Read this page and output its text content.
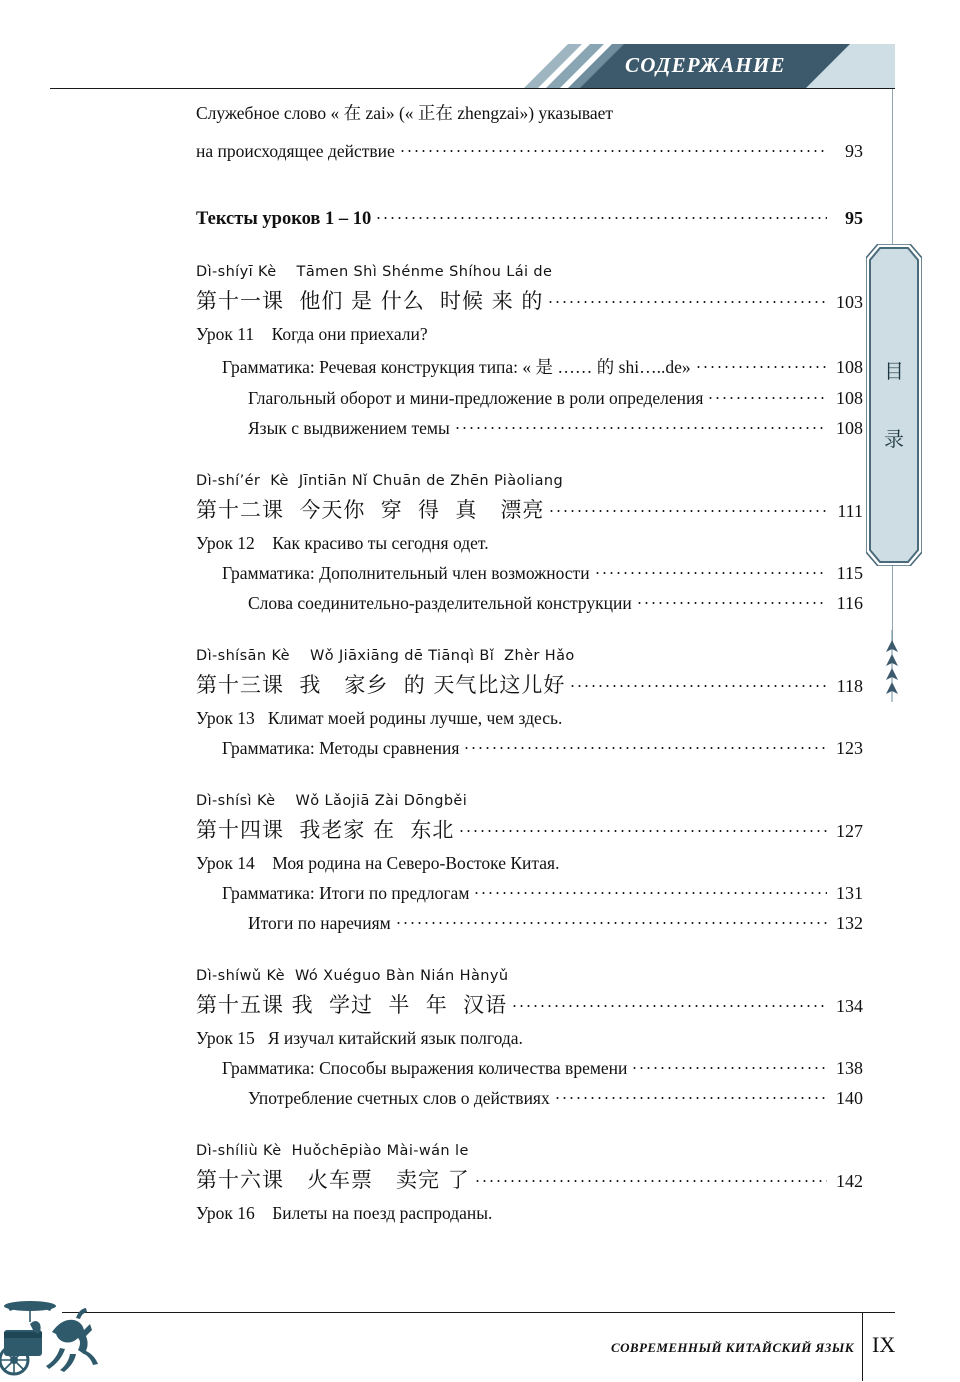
СОДЕРЖАНИЕ
目
录
Служебное слово « 在 zai» (« 正在 zhengzai») указывает
на происходящее действие	93
Тексты уроков 1 – 10	95
Dì-shíyī Kè    Tāmen Shì Shénme Shíhou Lái de
第十一课  他们 是 什么  时候 来 的	103
Урок 11    Когда они приехали?
Грамматика: Речевая конструкция типа: « 是 …… 的 shi…..de»	108
Глагольный оборот и мини-предложение в роли определения	108
Язык с выдвижением темы	108
Dì-shí’ér  Kè  Jīntiān Nǐ Chuān de Zhēn Piàoliang
第十二课  今天你  穿  得  真   漂亮	111
Урок 12    Как красиво ты сегодня одет.
Грамматика: Дополнительный член возможности	115
Слова соединительно-разделительной конструкции	116
Dì-shísān Kè    Wǒ Jiāxiāng dē Tiānqì Bǐ  Zhèr Hǎo
第十三课  我   家乡  的 天气比这儿好	118
Урок 13   Климат моей родины лучше, чем здесь.
Грамматика: Методы сравнения	123
Dì-shísì Kè    Wǒ Lǎojiā Zài Dōngběi
第十四课  我老家 在  东北	127
Урок 14    Моя родина на Северо-Востоке Китая.
Грамматика: Итоги по предлогам	131
Итоги по наречиям	132
Dì-shíwǔ Kè  Wó Xuéguo Bàn Nián Hànyǔ
第十五课 我  学过  半  年  汉语	134
Урок 15   Я изучал китайский язык полгода.
Грамматика: Способы выражения количества времени	138
Употребление счетных слов о действиях	140
Dì-shíliù Kè  Huǒchēpiào Mài-wán le
第十六课   火车票   卖完 了	142
Урок 16    Билеты на поезд распроданы.
СОВРЕМЕННЫЙ КИТАЙСКИЙ ЯЗЫК IX
